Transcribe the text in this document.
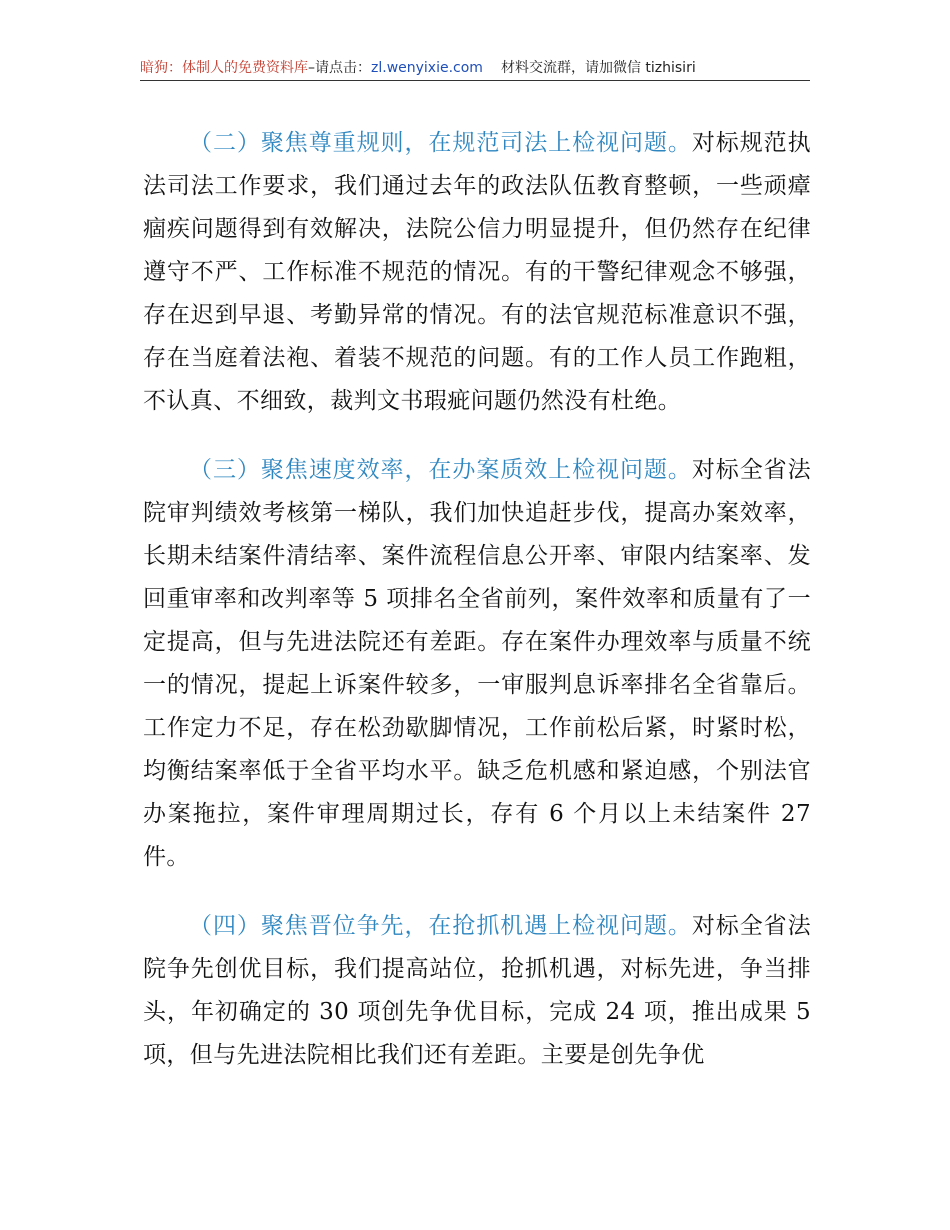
暗狗：体制人的免费资料库–请点击：zl.wenyixie.com 材料交流群，请加微信 tizhisiri

（二）聚焦尊重规则，在规范司法上检视问题。对标规范执法司法工作要求，我们通过去年的政法队伍教育整顿，一些顽瘴痼疾问题得到有效解决，法院公信力明显提升，但仍然存在纪律遵守不严、工作标准不规范的情况。有的干警纪律观念不够强，存在迟到早退、考勤异常的情况。有的法官规范标准意识不强，存在当庭着法袍、着装不规范的问题。有的工作人员工作跑粗，不认真、不细致，裁判文书瑕疵问题仍然没有杜绝。

（三）聚焦速度效率，在办案质效上检视问题。对标全省法院审判绩效考核第一梯队，我们加快追赶步伐，提高办案效率，长期未结案件清结率、案件流程信息公开率、审限内结案率、发回重审率和改判率等 5 项排名全省前列，案件效率和质量有了一定提高，但与先进法院还有差距。存在案件办理效率与质量不统一的情况，提起上诉案件较多，一审服判息诉率排名全省靠后。工作定力不足，存在松劲歇脚情况，工作前松后紧，时紧时松，均衡结案率低于全省平均水平。缺乏危机感和紧迫感，个别法官办案拖拉，案件审理周期过长，存有 6 个月以上未结案件 27 件。

（四）聚焦晋位争先，在抢抓机遇上检视问题。对标全省法院争先创优目标，我们提高站位，抢抓机遇，对标先进，争当排头，年初确定的 30 项创先争优目标，完成 24 项，推出成果 5 项，但与先进法院相比我们还有差距。主要是创先争优
